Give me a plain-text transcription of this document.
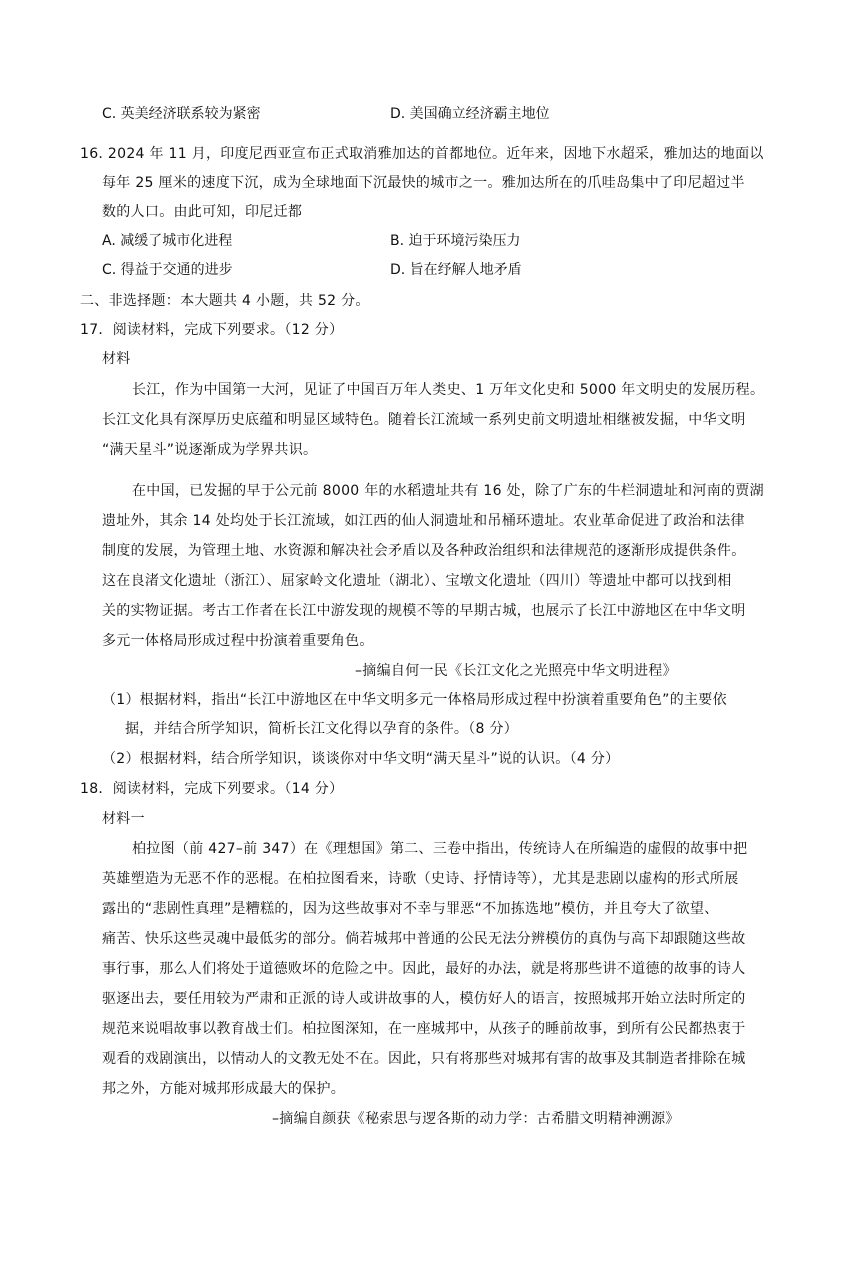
C. 英美经济联系较为紧密	D. 美国确立经济霸主地位
16. 2024 年 11 月，印度尼西亚宣布正式取消雅加达的首都地位。近年来，因地下水超采，雅加达的地面以
每年 25 厘米的速度下沉，成为全球地面下沉最快的城市之一。雅加达所在的爪哇岛集中了印尼超过半
数的人口。由此可知，印尼迁都
A. 减缓了城市化进程	B. 迫于环境污染压力
C. 得益于交通的进步	D. 旨在纾解人地矛盾
二、非选择题：本大题共 4 小题，共 52 分。
17．阅读材料，完成下列要求。（12 分）
材料
长江，作为中国第一大河，见证了中国百万年人类史、1 万年文化史和 5000 年文明史的发展历程。
长江文化具有深厚历史底蕴和明显区域特色。随着长江流域一系列史前文明遗址相继被发掘，中华文明
“满天星斗”说逐渐成为学界共识。
在中国，已发掘的早于公元前 8000 年的水稻遗址共有 16 处，除了广东的牛栏洞遗址和河南的贾湖
遗址外，其余 14 处均处于长江流域，如江西的仙人洞遗址和吊桶环遗址。农业革命促进了政治和法律
制度的发展，为管理土地、水资源和解决社会矛盾以及各种政治组织和法律规范的逐渐形成提供条件。
这在良渚文化遗址（浙江）、屈家岭文化遗址（湖北）、宝墩文化遗址（四川）等遗址中都可以找到相
关的实物证据。考古工作者在长江中游发现的规模不等的早期古城，也展示了长江中游地区在中华文明
多元一体格局形成过程中扮演着重要角色。
–摘编自何一民《长江文化之光照亮中华文明进程》
（1）根据材料，指出“长江中游地区在中华文明多元一体格局形成过程中扮演着重要角色”的主要依
据，并结合所学知识，简析长江文化得以孕育的条件。（8 分）
（2）根据材料，结合所学知识，谈谈你对中华文明“满天星斗”说的认识。（4 分）
18．阅读材料，完成下列要求。（14 分）
材料一
柏拉图（前 427–前 347）在《理想国》第二、三卷中指出，传统诗人在所编造的虚假的故事中把
英雄塑造为无恶不作的恶棍。在柏拉图看来，诗歌（史诗、抒情诗等），尤其是悲剧以虚构的形式所展
露出的“悲剧性真理”是糟糕的，因为这些故事对不幸与罪恶“不加拣选地”模仿，并且夸大了欲望、
痛苦、快乐这些灵魂中最低劣的部分。倘若城邦中普通的公民无法分辨模仿的真伪与高下却跟随这些故
事行事，那么人们将处于道德败坏的危险之中。因此，最好的办法，就是将那些讲不道德的故事的诗人
驱逐出去，要任用较为严肃和正派的诗人或讲故事的人，模仿好人的语言，按照城邦开始立法时所定的
规范来说唱故事以教育战士们。柏拉图深知，在一座城邦中，从孩子的睡前故事，到所有公民都热衷于
观看的戏剧演出，以情动人的文教无处不在。因此，只有将那些对城邦有害的故事及其制造者排除在城
邦之外，方能对城邦形成最大的保护。
–摘编自颜获《秘索思与逻各斯的动力学：古希腊文明精神溯源》
